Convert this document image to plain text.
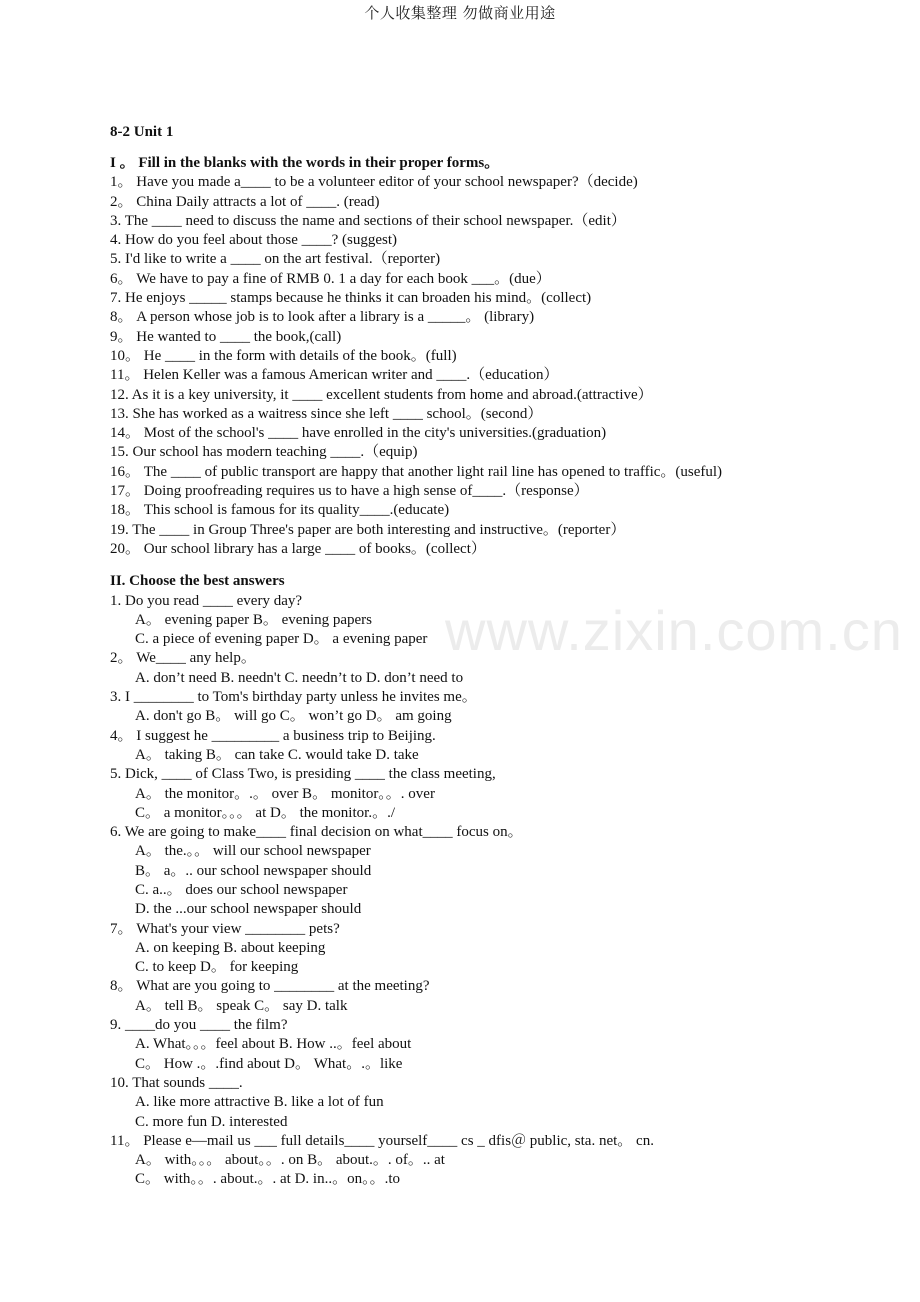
个人收集整理 勿做商业用途
www.zixin.com.cn
8-2 Unit 1
I 。 Fill in the blanks with the words in their proper forms。
1。 Have you made a____ to be a volunteer editor of your school newspaper?（decide)
2。 China Daily attracts a lot of ____. (read)
3. The ____ need to discuss the name and sections of their school newspaper.（edit）
4. How do you feel about those ____? (suggest)
5. I'd like to write a ____ on the art festival.（reporter)
6。 We have to pay a fine of RMB 0. 1 a day for each book ___。(due）
7. He enjoys _____ stamps because he thinks it can broaden his mind。(collect)
8。 A person whose job is to look after a library is a _____。 (library)
9。 He wanted to ____ the book,(call)
10。 He ____ in the form with details of the book。(full)
11。 Helen Keller was a famous American writer and ____.（education）
12. As it is a key university, it ____ excellent students from home and abroad.(attractive）
13. She has worked as a waitress since she left ____ school。(second）
14。 Most of the school's ____ have enrolled in the city's universities.(graduation)
15. Our school has modern teaching ____.（equip)
16。 The ____ of public transport are happy that another light rail line has opened to traffic。(useful)
17。 Doing proofreading requires us to have a high sense of____.（response）
18。 This school is famous for its quality____.(educate)
19. The ____ in Group Three's paper are both interesting and instructive。(reporter）
20。 Our school library has a large ____ of books。(collect）
II. Choose the best answers
1. Do you read ____ every day?
A。 evening paper B。 evening papers
C. a piece of evening paper D。 a evening paper
2。 We____ any help。
A. don’t need B. needn't C. needn’t to D. don’t need to
3. I ________ to Tom's birthday party unless he invites me。
A. don't go B。 will go C。 won’t go D。 am going
4。 I suggest he _________ a business trip to Beijing.
A。 taking B。 can take C. would take D. take
5. Dick, ____ of Class Two, is presiding ____ the class meeting,
A。 the monitor。.。 over B。 monitor。。. over
C。 a monitor。。。 at D。 the monitor.。./
6. We are going to make____ final decision on what____ focus on。
A。 the.。。 will our school newspaper
B。 a。.. our school newspaper should
C. a..。 does our school newspaper
D. the ...our school newspaper should
7。 What's your view ________ pets?
A. on keeping B. about keeping
C. to keep D。 for keeping
8。 What are you going to ________ at the meeting?
A。 tell B。 speak C。 say D. talk
9. ____do you ____ the film?
A. What。。。feel about B. How ..。feel about
C。 How .。.find about D。 What。.。like
10. That sounds ____.
A. like more attractive B. like a lot of fun
C. more fun D. interested
11。 Please e—mail us ___ full details____ yourself____ cs _ dfis＠ public, sta. net。 cn.
A。 with。。。 about。。. on B。 about.。. of。.. at
C。 with。。. about.。. at D. in..。on。。.to
